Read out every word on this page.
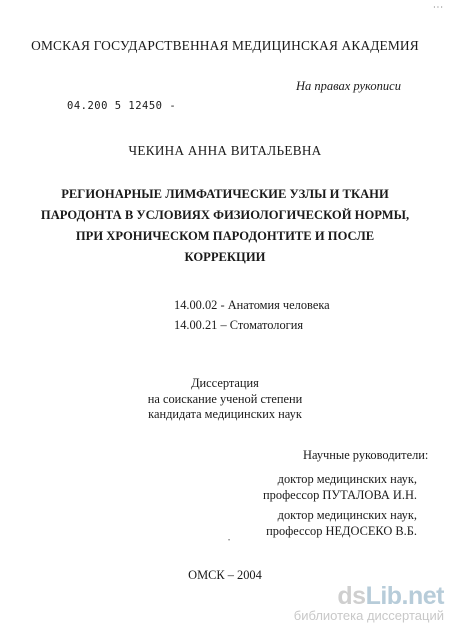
···
ОМСКАЯ ГОСУДАРСТВЕННАЯ МЕДИЦИНСКАЯ АКАДЕМИЯ
На правах рукописи
04.200 5 12450 -
ЧЕКИНА АННА ВИТАЛЬЕВНА
РЕГИОНАРНЫЕ ЛИМФАТИЧЕСКИЕ УЗЛЫ И ТКАНИ
ПАРОДОНТА В УСЛОВИЯХ ФИЗИОЛОГИЧЕСКОЙ НОРМЫ,
ПРИ ХРОНИЧЕСКОМ ПАРОДОНТИТЕ И ПОСЛЕ
КОРРЕКЦИИ
14.00.02 - Анатомия человека
14.00.21 – Стоматология
Диссертация
на соискание ученой степени
кандидата медицинских наук
Научные руководители:
доктор медицинских наук,
профессор ПУТАЛОВА И.Н.
доктор медицинских наук,
профессор НЕДОСЕКО В.Б.
•
ОМСК – 2004
dsLib.net
библиотека диссертаций
